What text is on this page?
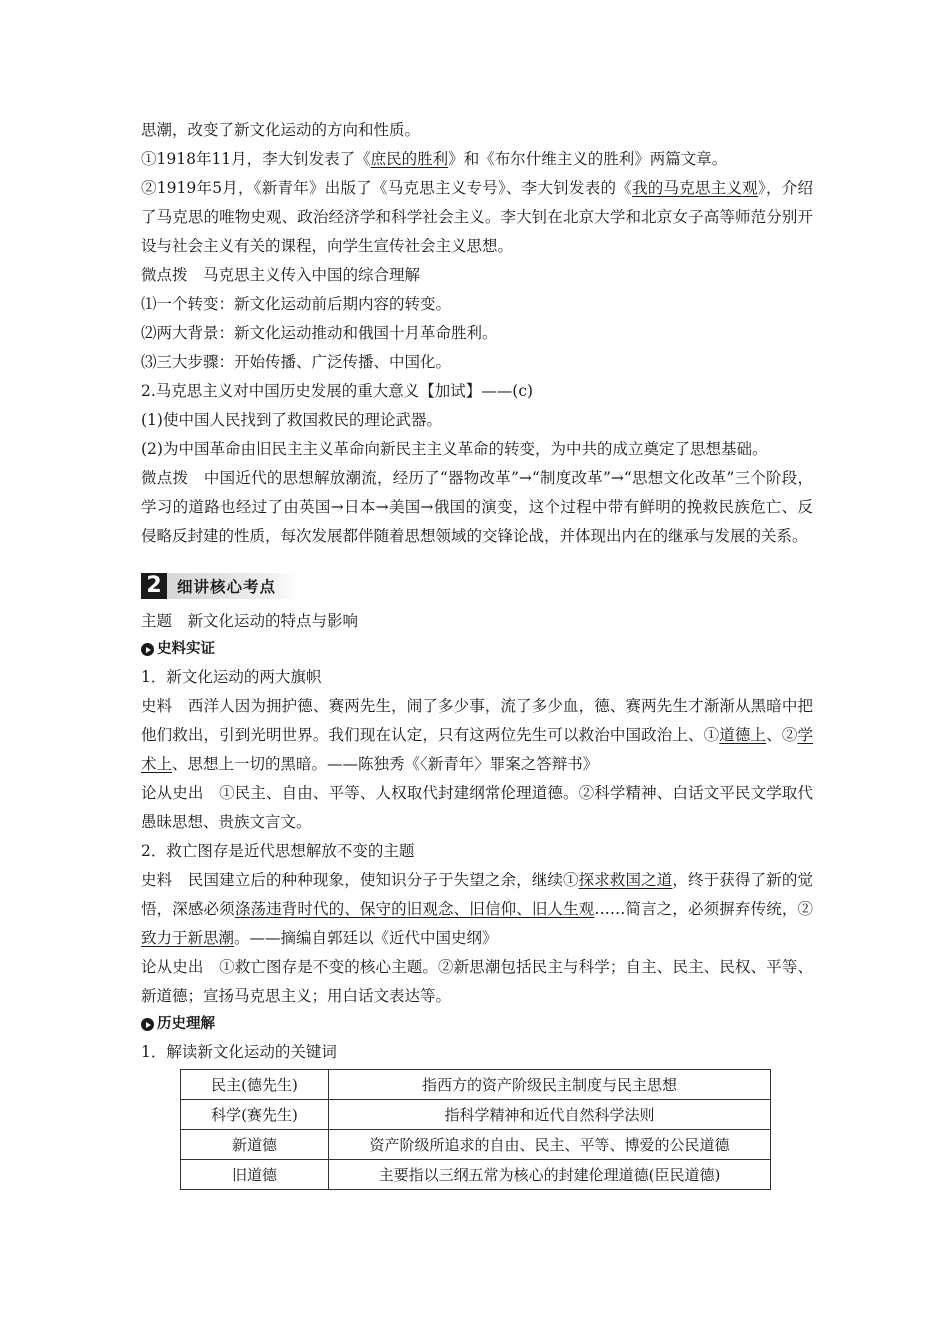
思潮，改变了新文化运动的方向和性质。
①1918年11月，李大钊发表了《庶民的胜利》和《布尔什维主义的胜利》两篇文章。
②1919年5月，《新青年》出版了《马克思主义专号》、李大钊发表的《我的马克思主义观》，介绍了马克思的唯物史观、政治经济学和科学社会主义。李大钊在北京大学和北京女子高等师范分别开设与社会主义有关的课程，向学生宣传社会主义思想。
微点拨　马克思主义传入中国的综合理解
⑴一个转变：新文化运动前后期内容的转变。
⑵两大背景：新文化运动推动和俄国十月革命胜利。
⑶三大步骤：开始传播、广泛传播、中国化。
2.马克思主义对中国历史发展的重大意义【加试】——(c)
(1)使中国人民找到了救国救民的理论武器。
(2)为中国革命由旧民主主义革命向新民主主义革命的转变，为中共的成立奠定了思想基础。
微点拨　中国近代的思想解放潮流，经历了“器物改革”→“制度改革”→“思想文化改革”三个阶段，学习的道路也经过了由英国→日本→美国→俄国的演变，这个过程中带有鲜明的挽救民族危亡、反侵略反封建的性质，每次发展都伴随着思想领域的交锋论战，并体现出内在的继承与发展的关系。
2 细讲核心考点
主题　新文化运动的特点与影响
史料实证
1．新文化运动的两大旗帜
史料　西洋人因为拥护德、赛两先生，闹了多少事，流了多少血，德、赛两先生才渐渐从黑暗中把他们救出，引到光明世界。我们现在认定，只有这两位先生可以救治中国政治上、①道德上、②学术上、思想上一切的黑暗。——陈独秀《〈新青年〉罪案之答辩书》
论从史出　①民主、自由、平等、人权取代封建纲常伦理道德。②科学精神、白话文平民文学取代愚昧思想、贵族文言文。
2．救亡图存是近代思想解放不变的主题
史料　民国建立后的种种现象，使知识分子于失望之余，继续①探求救国之道，终于获得了新的觉悟，深感必须涤荡违背时代的、保守的旧观念、旧信仰、旧人生观……简言之，必须摒弃传统，②致力于新思潮。——摘编自郭廷以《近代中国史纲》
论从史出　①救亡图存是不变的核心主题。②新思潮包括民主与科学；自主、民主、民权、平等、新道德；宣扬马克思主义；用白话文表达等。
历史理解
1．解读新文化运动的关键词
民主(德先生)	指西方的资产阶级民主制度与民主思想
科学(赛先生)	指科学精神和近代自然科学法则
新道德	资产阶级所追求的自由、民主、平等、博爱的公民道德
旧道德	主要指以三纲五常为核心的封建伦理道德(臣民道德)
